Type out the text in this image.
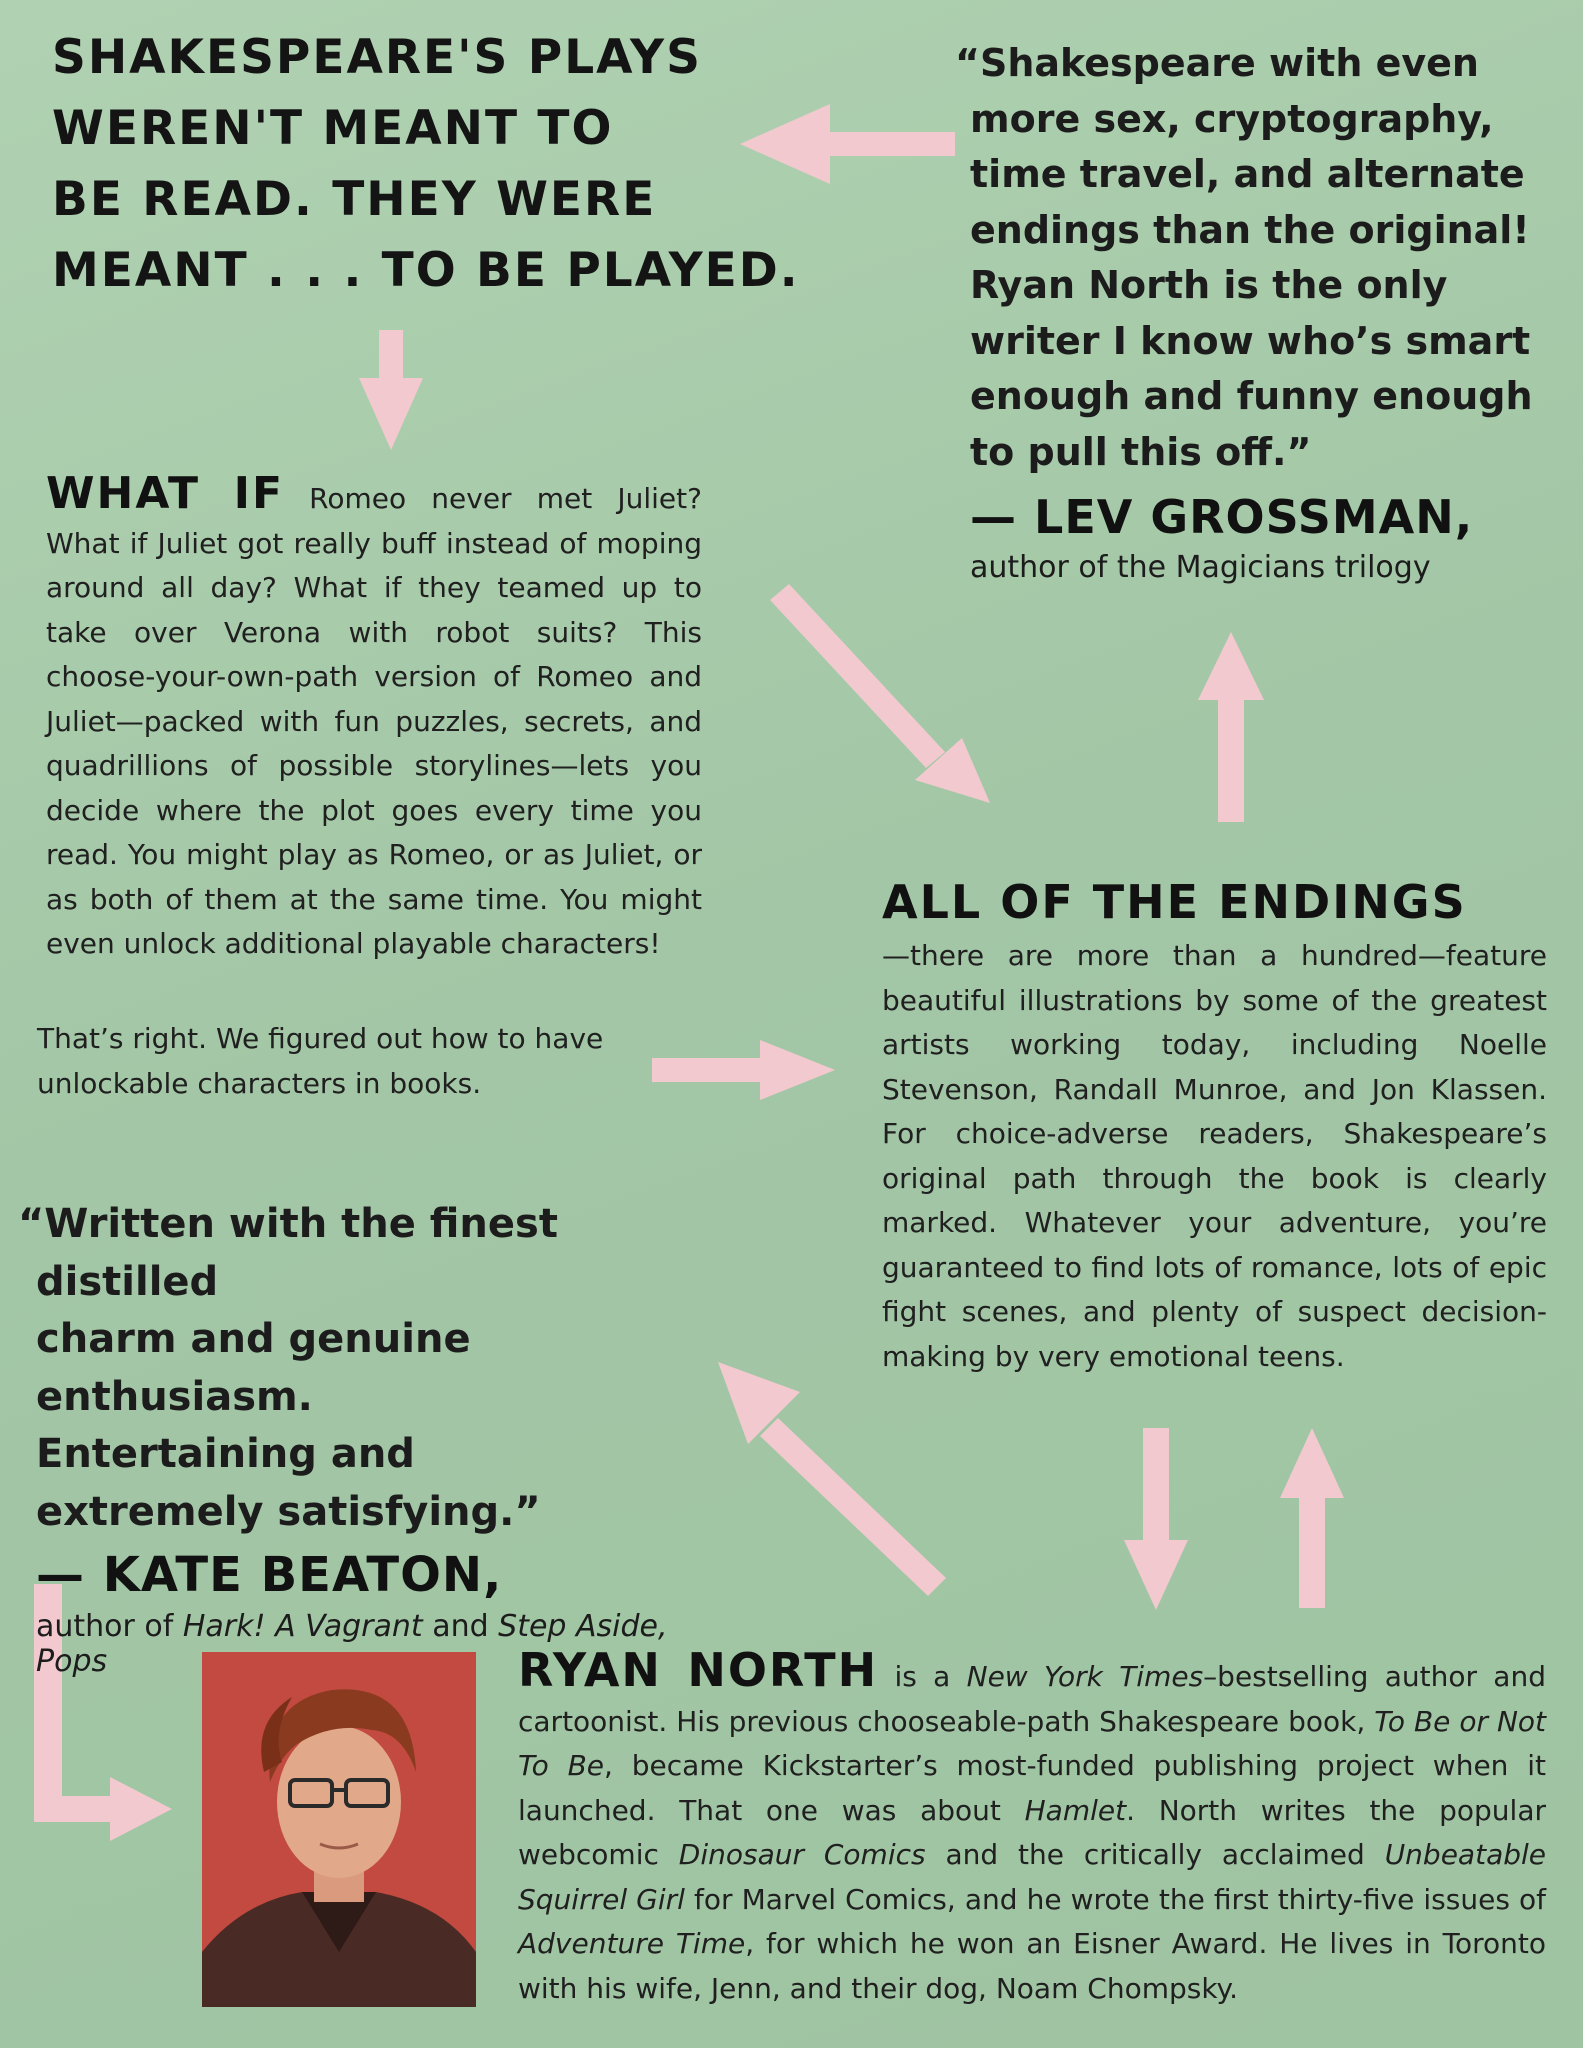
SHAKESPEARE'S PLAYS
WEREN'T MEANT TO
BE READ. THEY WERE
MEANT . . . TO BE PLAYED.
“Shakespeare with even
more sex, cryptography,
time travel, and alternate
endings than the original!
Ryan North is the only
writer I know who’s smart
enough and funny enough
to pull this off.”
— LEV GROSSMAN,
author of the Magicians trilogy
WHAT IF Romeo never met Juliet? What if Juliet got really buff instead of moping around all day? What if they teamed up to take over Verona with robot suits? This choose-your-own-path version of Romeo and Juliet—packed with fun puzzles, secrets, and quadrillions of possible storylines—lets you decide where the plot goes every time you read. You might play as Romeo, or as Juliet, or as both of them at the same time. You might even unlock additional playable characters!
That’s right. We figured out how to have unlockable characters in books.
ALL OF THE ENDINGS
—there are more than a hundred—feature beautiful illustrations by some of the greatest artists working today, including Noelle Stevenson, Randall Munroe, and Jon Klassen. For choice-adverse readers, Shakespeare’s original path through the book is clearly marked. Whatever your adventure, you’re guaranteed to find lots of romance, lots of epic fight scenes, and plenty of suspect decision-making by very emotional teens.
“Written with the finest distilled
charm and genuine enthusiasm.
Entertaining and
extremely satisfying.”
— KATE BEATON,
author of Hark! A Vagrant and Step Aside, Pops	RYAN NORTH is a New York Times–bestselling author and cartoonist. His previous chooseable-path Shakespeare book, To Be or Not To Be, became Kickstarter’s most-funded publishing project when it launched. That one was about Hamlet. North writes the popular webcomic Dinosaur Comics and the critically acclaimed Unbeatable Squirrel Girl for Marvel Comics, and he wrote the first thirty-five issues of Adventure Time, for which he won an Eisner Award. He lives in Toronto with his wife, Jenn, and their dog, Noam Chompsky.
